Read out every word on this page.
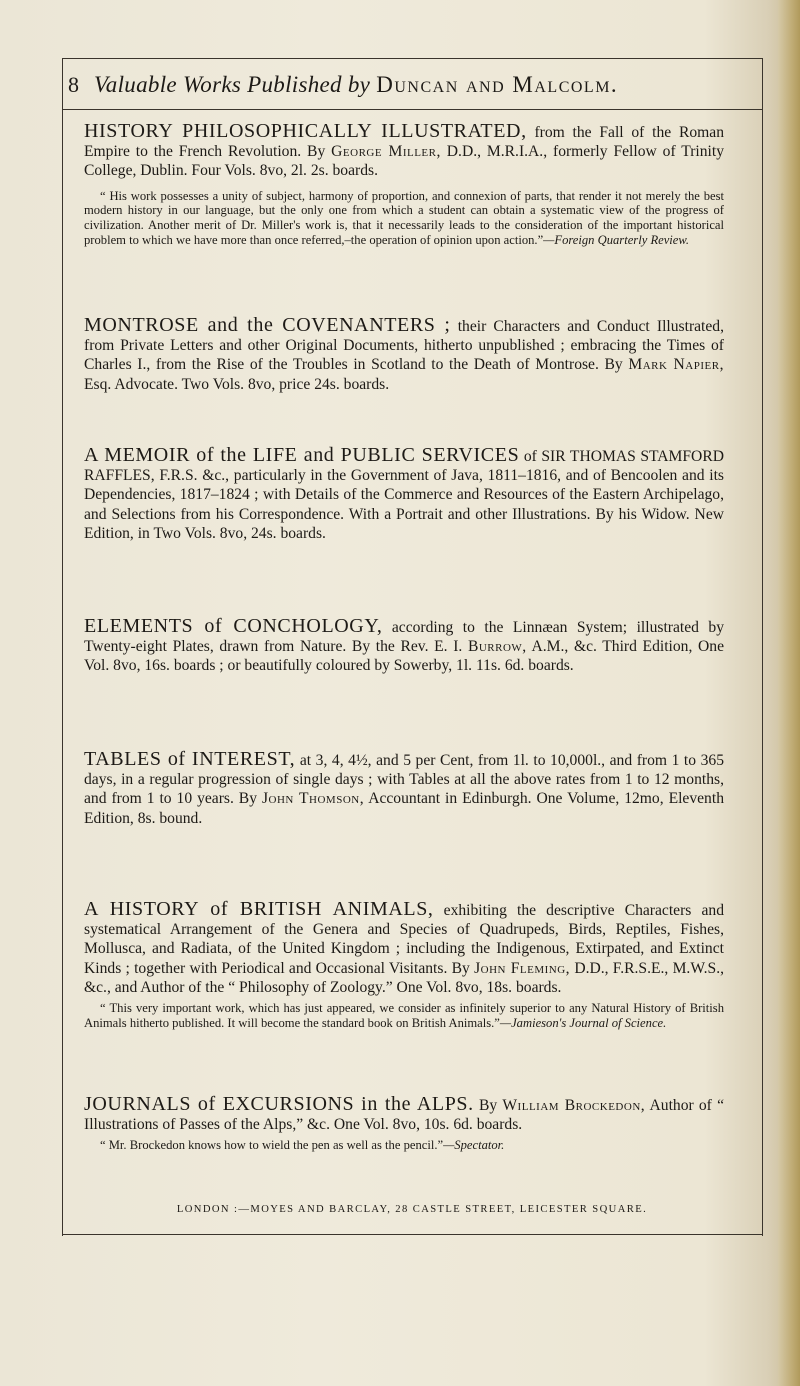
8 Valuable Works Published by Duncan and Malcolm.

HISTORY PHILOSOPHICALLY ILLUSTRATED, from the Fall of the Roman Empire to the French Revolution. By George Miller, D.D., M.R.I.A., formerly Fellow of Trinity College, Dublin. Four Vols. 8vo, 2l. 2s. boards.

“ His work possesses a unity of subject, harmony of proportion, and connexion of parts, that render it not merely the best modern history in our language, but the only one from which a student can obtain a systematic view of the progress of civilization. Another merit of Dr. Miller's work is, that it necessarily leads to the consideration of the important historical problem to which we have more than once referred,–the operation of opinion upon action.”—Foreign Quarterly Review.

MONTROSE and the COVENANTERS ; their Characters and Conduct Illustrated, from Private Letters and other Original Documents, hitherto unpublished ; embracing the Times of Charles I., from the Rise of the Troubles in Scotland to the Death of Montrose. By Mark Napier, Esq. Advocate. Two Vols. 8vo, price 24s. boards.

A MEMOIR of the LIFE and PUBLIC SERVICES of SIR THOMAS STAMFORD RAFFLES, F.R.S. &c., particularly in the Government of Java, 1811–1816, and of Bencoolen and its Dependencies, 1817–1824 ; with Details of the Commerce and Resources of the Eastern Archipelago, and Selections from his Correspondence. With a Portrait and other Illustrations. By his Widow. New Edition, in Two Vols. 8vo, 24s. boards.

ELEMENTS of CONCHOLOGY, according to the Linnæan System; illustrated by Twenty-eight Plates, drawn from Nature. By the Rev. E. I. Burrow, A.M., &c. Third Edition, One Vol. 8vo, 16s. boards ; or beautifully coloured by Sowerby, 1l. 11s. 6d. boards.

TABLES of INTEREST, at 3, 4, 4½, and 5 per Cent, from 1l. to 10,000l., and from 1 to 365 days, in a regular progression of single days ; with Tables at all the above rates from 1 to 12 months, and from 1 to 10 years. By John Thomson, Accountant in Edinburgh. One Volume, 12mo, Eleventh Edition, 8s. bound.

A HISTORY of BRITISH ANIMALS, exhibiting the descriptive Characters and systematical Arrangement of the Genera and Species of Quadrupeds, Birds, Reptiles, Fishes, Mollusca, and Radiata, of the United Kingdom ; including the Indigenous, Extirpated, and Extinct Kinds ; together with Periodical and Occasional Visitants. By John Fleming, D.D., F.R.S.E., M.W.S., &c., and Author of the “ Philosophy of Zoology.” One Vol. 8vo, 18s. boards.

“ This very important work, which has just appeared, we consider as infinitely superior to any Natural History of British Animals hitherto published. It will become the standard book on British Animals.”—Jamieson's Journal of Science.

JOURNALS of EXCURSIONS in the ALPS. By William Brockedon, Author of “ Illustrations of Passes of the Alps,” &c. One Vol. 8vo, 10s. 6d. boards.

“ Mr. Brockedon knows how to wield the pen as well as the pencil.”—Spectator.

LONDON :—MOYES AND BARCLAY, 28 CASTLE STREET, LEICESTER SQUARE.
